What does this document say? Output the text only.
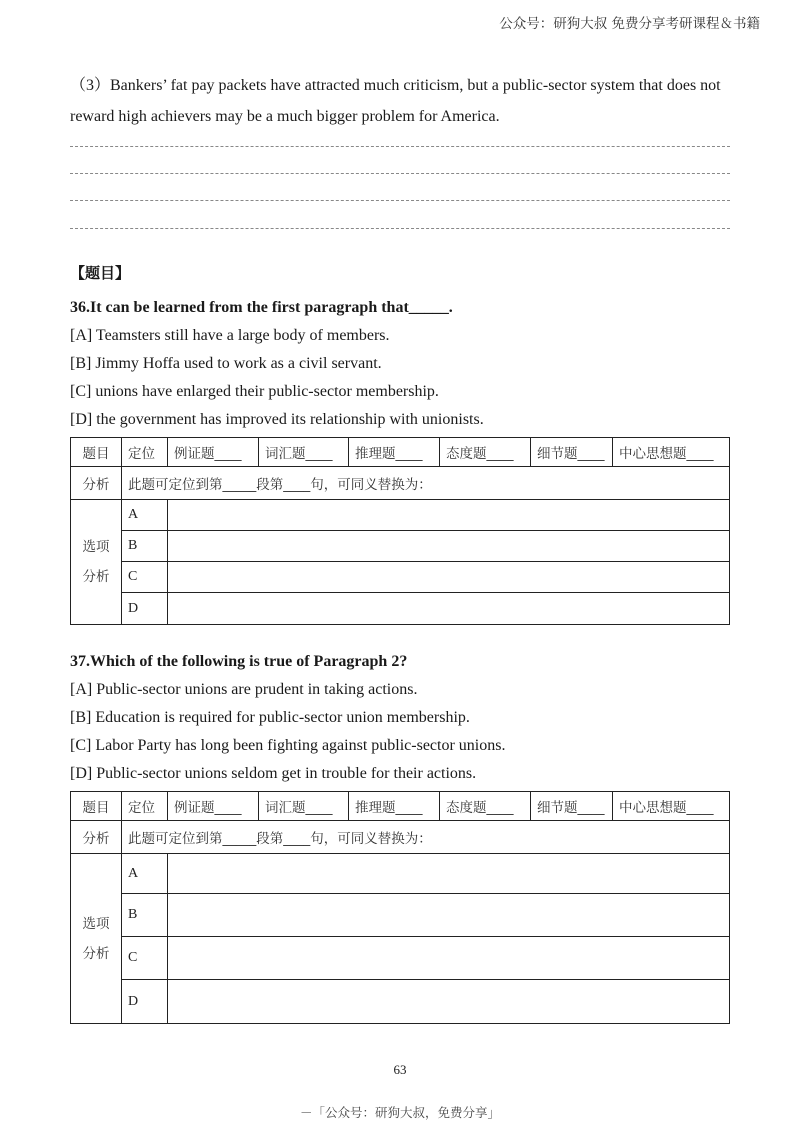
公众号：研狗大叔 免费分享考研课程＆书籍
（3）Bankers’ fat pay packets have attracted much criticism, but a public-sector system that does not reward high achievers may be a much bigger problem for America.
【题目】
36.It can be learned from the first paragraph that_____.
[A] Teamsters still have a large body of members.
[B] Jimmy Hoffa used to work as a civil servant.
[C] unions have enlarged their public-sector membership.
[D] the government has improved its relationship with unionists.
题目	定位	例证题____	词汇题____	推理题____	态度题____	细节题____	中心思想题____
分析	此题可定位到第_____段第____句，可同义替换为：						

选项
分析	A						
	B						
	C						
	D						
37.Which of the following is true of Paragraph 2?
[A] Public-sector unions are prudent in taking actions.
[B] Education is required for public-sector union membership.
[C] Labor Party has long been fighting against public-sector unions.
[D] Public-sector unions seldom get in trouble for their actions.
题目	定位	例证题____	词汇题____	推理题____	态度题____	细节题____	中心思想题____
分析	此题可定位到第_____段第____句，可同义替换为：						

选项
分析	A						
	B						
	C						
	D						
63
－「公众号：研狗大叔，免费分享」
